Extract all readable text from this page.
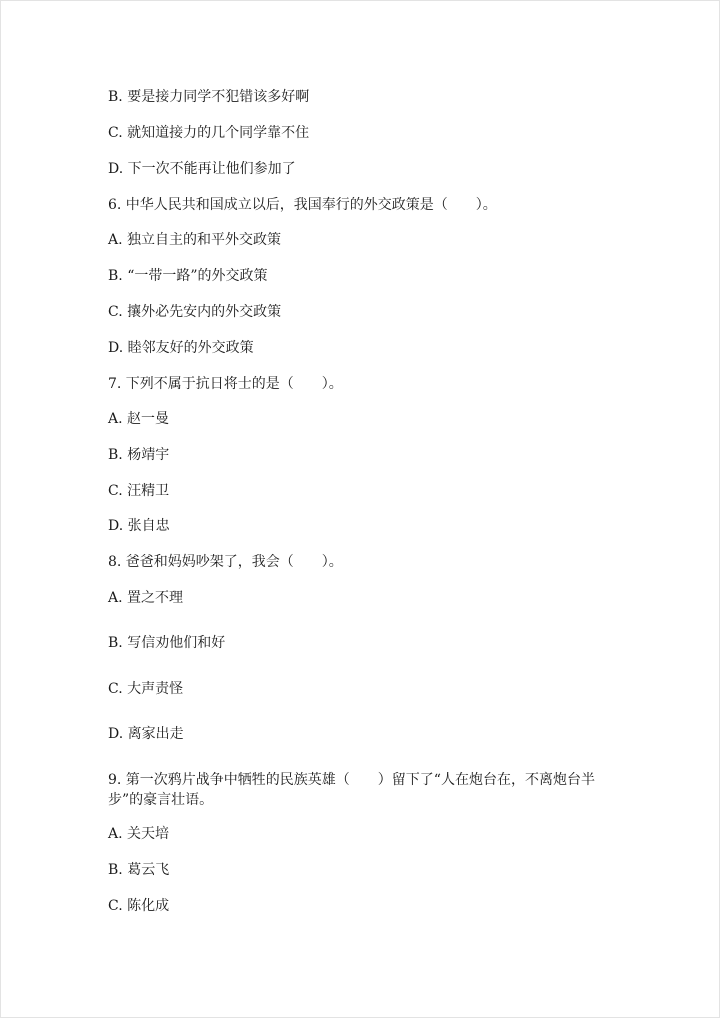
B. 要是接力同学不犯错该多好啊
C. 就知道接力的几个同学靠不住
D. 下一次不能再让他们参加了
6. 中华人民共和国成立以后，我国奉行的外交政策是（　　）。
A. 独立自主的和平外交政策
B. “一带一路”的外交政策
C. 攘外必先安内的外交政策
D. 睦邻友好的外交政策
7. 下列不属于抗日将士的是（　　）。
A. 赵一曼
B. 杨靖宇
C. 汪精卫
D. 张自忠
8. 爸爸和妈妈吵架了，我会（　　）。
A. 置之不理
B. 写信劝他们和好
C. 大声责怪
D. 离家出走
9. 第一次鸦片战争中牺牲的民族英雄（　　）留下了“人在炮台在，不离炮台半步”的豪言壮语。
A. 关天培
B. 葛云飞
C. 陈化成
